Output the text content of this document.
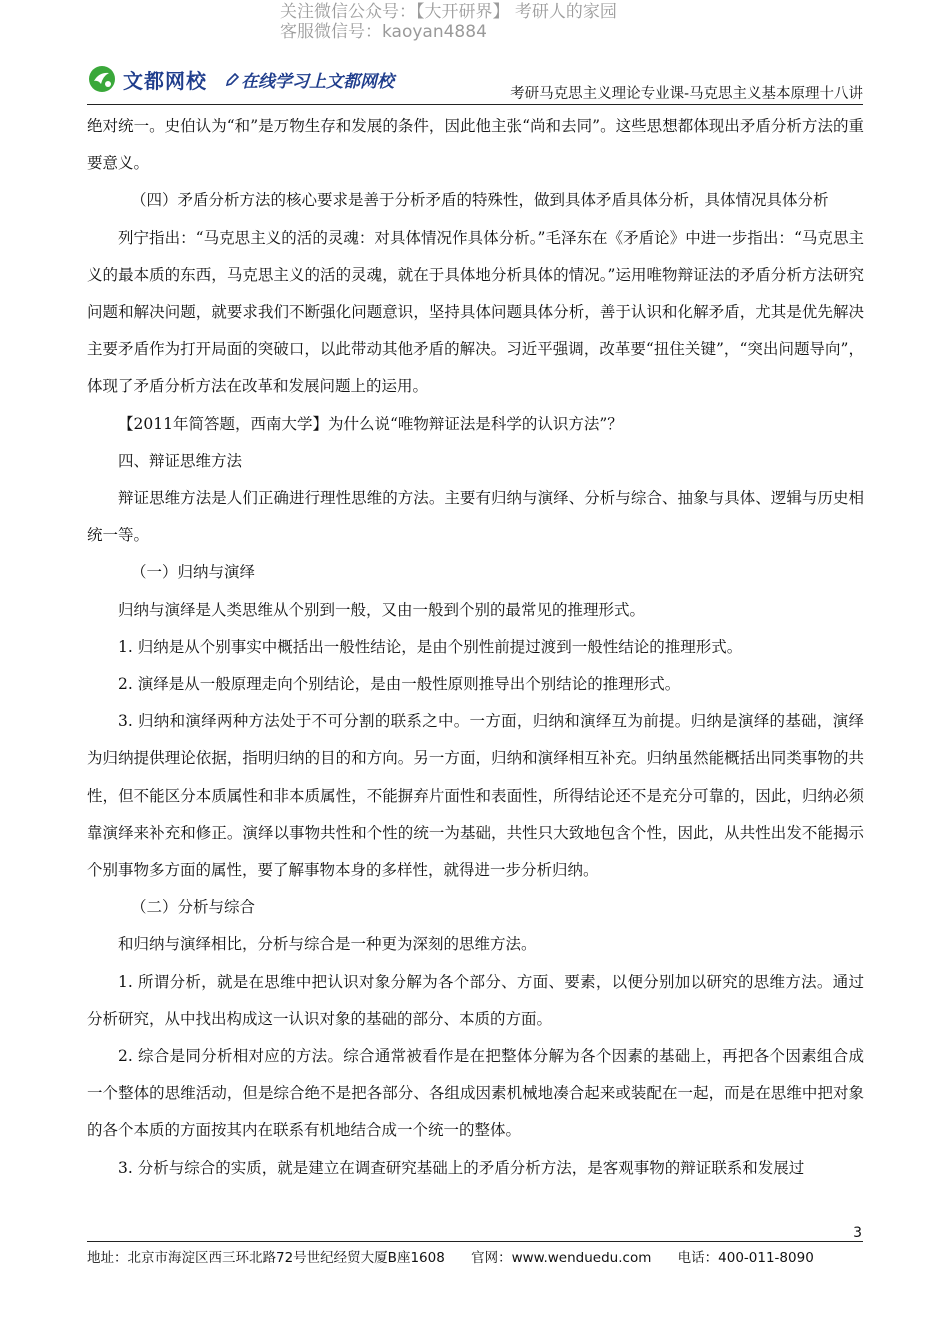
关注微信公众号：【大开研界】 考研人的家园
客服微信号：kaoyan4884
文都网校	在线学习上文都网校
考研马克思主义理论专业课-马克思主义基本原理十八讲

绝对统一。史伯认为“和”是万物生存和发展的条件，因此他主张“尚和去同”。这些思想都体现出矛盾分析方法的重要意义。

（四）矛盾分析方法的核心要求是善于分析矛盾的特殊性，做到具体矛盾具体分析，具体情况具体分析

列宁指出：“马克思主义的活的灵魂：对具体情况作具体分析。”毛泽东在《矛盾论》中进一步指出：“马克思主义的最本质的东西，马克思主义的活的灵魂，就在于具体地分析具体的情况。”运用唯物辩证法的矛盾分析方法研究问题和解决问题，就要求我们不断强化问题意识，坚持具体问题具体分析，善于认识和化解矛盾，尤其是优先解决主要矛盾作为打开局面的突破口，以此带动其他矛盾的解决。习近平强调，改革要“扭住关键”，“突出问题导向”，体现了矛盾分析方法在改革和发展问题上的运用。

【2011年简答题，西南大学】为什么说“唯物辩证法是科学的认识方法”？

四、辩证思维方法

辩证思维方法是人们正确进行理性思维的方法。主要有归纳与演绎、分析与综合、抽象与具体、逻辑与历史相统一等。

（一）归纳与演绎

归纳与演绎是人类思维从个别到一般，又由一般到个别的最常见的推理形式。

1. 归纳是从个别事实中概括出一般性结论，是由个别性前提过渡到一般性结论的推理形式。

2. 演绎是从一般原理走向个别结论，是由一般性原则推导出个别结论的推理形式。

3. 归纳和演绎两种方法处于不可分割的联系之中。一方面，归纳和演绎互为前提。归纳是演绎的基础，演绎为归纳提供理论依据，指明归纳的目的和方向。另一方面，归纳和演绎相互补充。归纳虽然能概括出同类事物的共性，但不能区分本质属性和非本质属性，不能摒弃片面性和表面性，所得结论还不是充分可靠的，因此，归纳必须靠演绎来补充和修正。演绎以事物共性和个性的统一为基础，共性只大致地包含个性，因此，从共性出发不能揭示个别事物多方面的属性，要了解事物本身的多样性，就得进一步分析归纳。

（二）分析与综合

和归纳与演绎相比，分析与综合是一种更为深刻的思维方法。

1. 所谓分析，就是在思维中把认识对象分解为各个部分、方面、要素，以便分别加以研究的思维方法。通过分析研究，从中找出构成这一认识对象的基础的部分、本质的方面。

2. 综合是同分析相对应的方法。综合通常被看作是在把整体分解为各个因素的基础上，再把各个因素组合成一个整体的思维活动，但是综合绝不是把各部分、各组成因素机械地凑合起来或装配在一起，而是在思维中把对象的各个本质的方面按其内在联系有机地结合成一个统一的整体。

3. 分析与综合的实质，就是建立在调查研究基础上的矛盾分析方法，是客观事物的辩证联系和发展过

3
地址：北京市海淀区西三环北路72号世纪经贸大厦B座1608 官网：www.wenduedu.com 电话：400-011-8090
